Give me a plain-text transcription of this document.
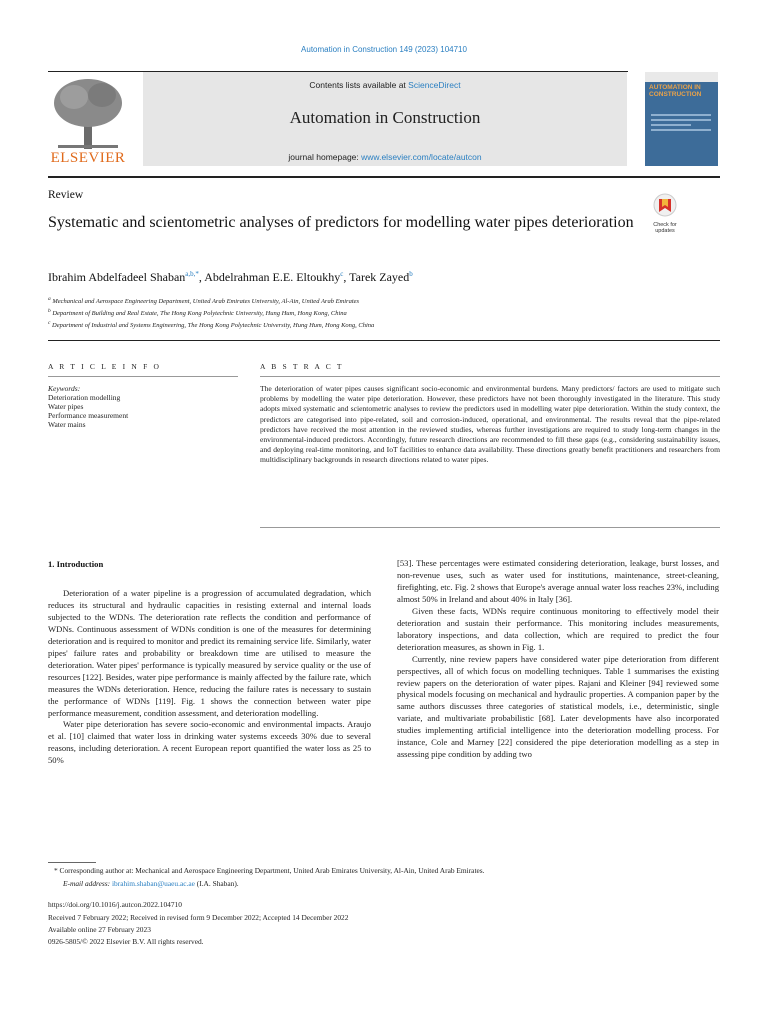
Automation in Construction 149 (2023) 104710
ELSEVIER
Contents lists available at ScienceDirect
Automation in Construction
journal homepage: www.elsevier.com/locate/autcon
AUTOMATION IN CONSTRUCTION
Review
Systematic and scientometric analyses of predictors for modelling water pipes deterioration	Check for updates
Ibrahim Abdelfadeel Shaban$^{a,b,*}$, Abdelrahman E.E. Eltoukhy$^c$, Tarek Zayed$^b$
$^a$ Mechanical and Aerospace Engineering Department, United Arab Emirates University, Al-Ain, United Arab Emirates
$^b$ Department of Building and Real Estate, The Hong Kong Polytechnic University, Hung Hum, Hong Kong, China
$^c$ Department of Industrial and Systems Engineering, The Hong Kong Polytechnic University, Hung Hum, Hong Kong, China
A R T I C L E I N F O	A B S T R A C T
Keywords:
Deterioration modelling
Water pipes
Performance measurement
Water mains
The deterioration of water pipes causes significant socio-economic and environmental burdens. Many predictors/ factors are used to mitigate such problems by modelling the water pipe deterioration. However, these predictors have not been thoroughly investigated in the literature. This study adopts mixed systematic and scientometric analyses to review the predictors used in modelling water pipe deterioration. Within the study context, the predictors are categorised into pipe-related, soil and corrosion-induced, operational, and environmental. The results reveal that the pipe-related predictors have received the most attention in the reviewed studies, whereas further investigations are required to study long-term changes in the environmental-induced predictors. Accordingly, future research directions are recommended to fill these gaps (e.g., considering sustainability issues, and deploying real-time monitoring, and IoT facilities to enhance data availability. These directions greatly benefit practitioners and researchers from multidisciplinary backgrounds in research directions related to water pipes.
1. Introduction

Deterioration of a water pipeline is a progression of accumulated degradation, which reduces its structural and hydraulic capacities in resisting external and internal loads subjected to the WDNs. The deterioration rate reflects the condition and performance of WDNs. Continuous assessment of WDNs condition is one of the measures for determining deterioration and is required to monitor and predict its remaining service life. Similarly, water pipes' failure rates and probability or breakdown time are utilised to measure the deterioration. Water pipes' performance is typically measured by service quality or the use of resources [122]. Besides, water pipe performance is mainly affected by the failure rate, which measures the WDNs deterioration. Hence, reducing the failure rates is necessary to sustain the performance of WDNs [119]. Fig. 1 shows the connection between water pipe performance measurement, condition assessment, and deterioration modelling.

Water pipe deterioration has severe socio-economic and environmental impacts. Araujo et al. [10] claimed that water loss in drinking water systems exceeds 30% due to several reasons, including deterioration. A recent European report quantified the water loss as 25 to 50%

[53]. These percentages were estimated considering deterioration, leakage, burst losses, and non-revenue uses, such as water used for institutions, maintenance, street-cleaning, firefighting, etc. Fig. 2 shows that Europe's average annual water loss reaches 23%, including almost 50% in Ireland and about 40% in Italy [36].

Given these facts, WDNs require continuous monitoring to effectively model their deterioration and sustain their performance. This monitoring includes measurements, laboratory inspections, and data collection, which are required to predict the four deterioration measures, as shown in Fig. 1.

Currently, nine review papers have considered water pipe deterioration from different perspectives, all of which focus on modelling techniques. Table 1 summarises the existing review papers on the deterioration of water pipes. Rajani and Kleiner [94] reviewed some physical models focusing on mechanical and hydraulic properties. A companion paper by the same authors discusses three categories of statistical models, i.e., deterministic, single variate, and multivariate probabilistic [68]. Later developments have also incorporated studies implementing artificial intelligence into the deterioration modelling process. For instance, Cole and Marney [22] considered the pipe deterioration modelling as a step in assessing pipe condition by adding two

* Corresponding author at: Mechanical and Aerospace Engineering Department, United Arab Emirates University, Al-Ain, United Arab Emirates.
E-mail address: ibrahim.shaban@uaeu.ac.ae (I.A. Shaban).
https://doi.org/10.1016/j.autcon.2022.104710
Received 7 February 2022; Received in revised form 9 December 2022; Accepted 14 December 2022
Available online 27 February 2023
0926-5805/© 2022 Elsevier B.V. All rights reserved.
